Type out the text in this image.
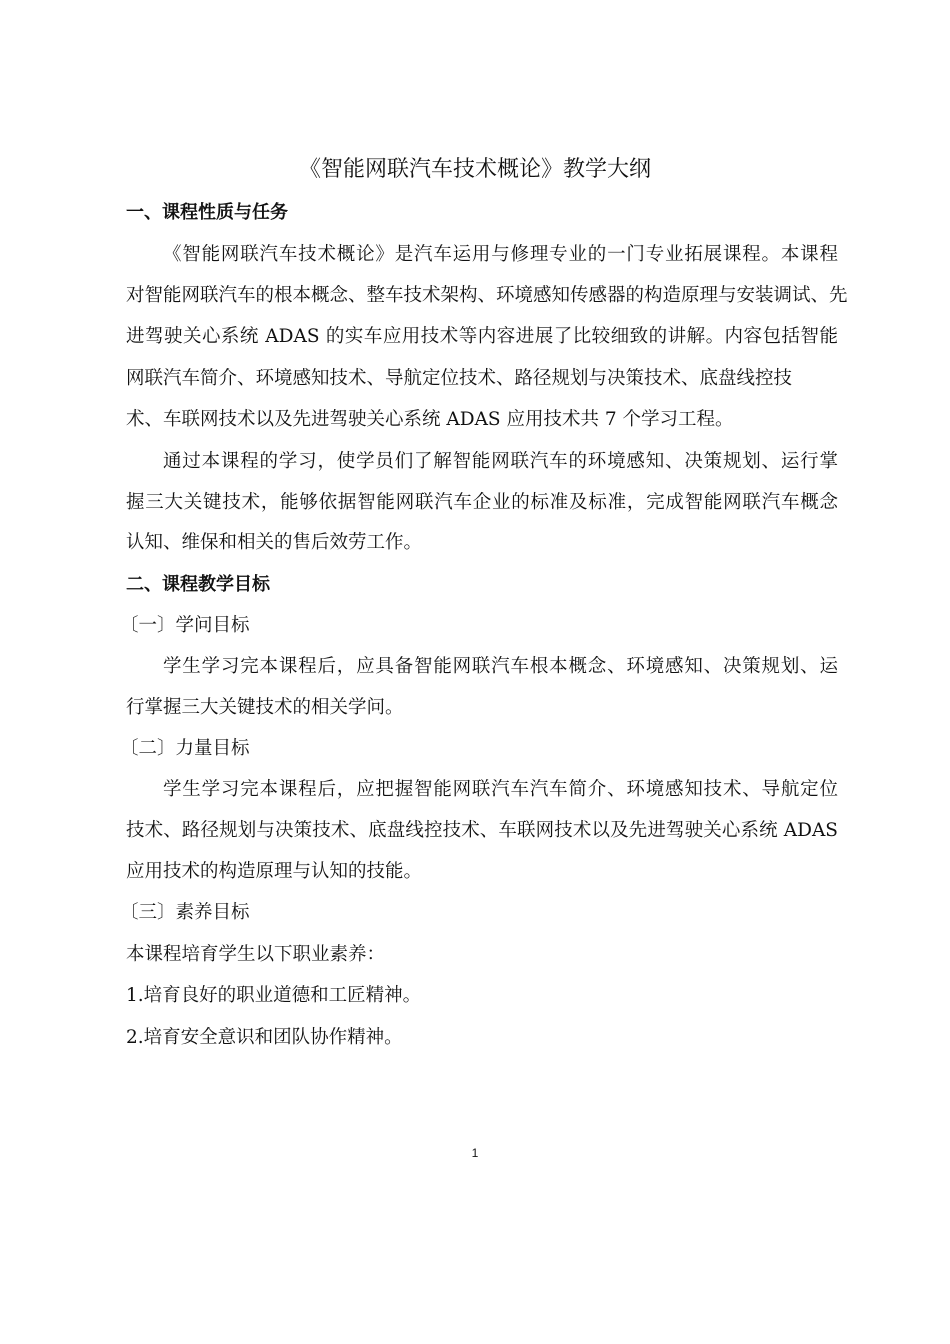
《智能网联汽车技术概论》教学大纲
一、课程性质与任务
《智能网联汽车技术概论》是汽车运用与修理专业的一门专业拓展课程。本课程
对智能网联汽车的根本概念、整车技术架构、环境感知传感器的构造原理与安装调试、先
进驾驶关心系统 ADAS 的实车应用技术等内容进展了比较细致的讲解。内容包括智能
网联汽车简介、环境感知技术、导航定位技术、路径规划与决策技术、底盘线控技
术、车联网技术以及先进驾驶关心系统 ADAS 应用技术共 7 个学习工程。
通过本课程的学习，使学员们了解智能网联汽车的环境感知、决策规划、运行掌
握三大关键技术，能够依据智能网联汽车企业的标准及标准，完成智能网联汽车概念
认知、维保和相关的售后效劳工作。
二、课程教学目标
〔一〕学问目标
学生学习完本课程后，应具备智能网联汽车根本概念、环境感知、决策规划、运
行掌握三大关键技术的相关学问。
〔二〕力量目标
学生学习完本课程后，应把握智能网联汽车汽车简介、环境感知技术、导航定位
技术、路径规划与决策技术、底盘线控技术、车联网技术以及先进驾驶关心系统 ADAS
应用技术的构造原理与认知的技能。
〔三〕素养目标
本课程培育学生以下职业素养：
1.培育良好的职业道德和工匠精神。
2.培育安全意识和团队协作精神。
1
